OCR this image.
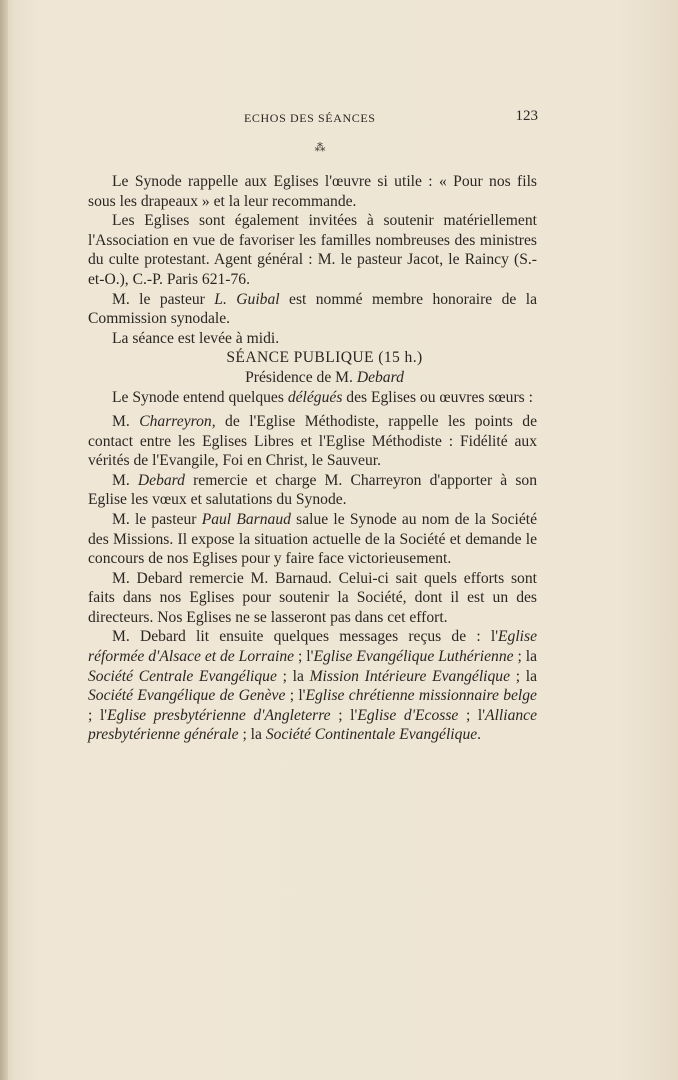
ECHOS DES SÉANCES	123
⁂

Le Synode rappelle aux Eglises l'œuvre si utile : « Pour nos fils sous les drapeaux » et la leur recommande.

Les Eglises sont également invitées à soutenir matériellement l'Association en vue de favoriser les familles nombreuses des ministres du culte protestant. Agent général : M. le pasteur Jacot, le Raincy (S.-et-O.), C.-P. Paris 621-76.

M. le pasteur L. Guibal est nommé membre honoraire de la Commission synodale.

La séance est levée à midi.

SÉANCE PUBLIQUE (15 h.)

Présidence de M. Debard

Le Synode entend quelques délégués des Eglises ou œuvres sœurs :

M. Charreyron, de l'Eglise Méthodiste, rappelle les points de contact entre les Eglises Libres et l'Eglise Méthodiste : Fidélité aux vérités de l'Evangile, Foi en Christ, le Sauveur.

M. Debard remercie et charge M. Charreyron d'apporter à son Eglise les vœux et salutations du Synode.

M. le pasteur Paul Barnaud salue le Synode au nom de la Société des Missions. Il expose la situation actuelle de la Société et demande le concours de nos Eglises pour y faire face victorieusement.

M. Debard remercie M. Barnaud. Celui-ci sait quels efforts sont faits dans nos Eglises pour soutenir la Société, dont il est un des directeurs. Nos Eglises ne se lasseront pas dans cet effort.

M. Debard lit ensuite quelques messages reçus de : l'Eglise réformée d'Alsace et de Lorraine ; l'Eglise Evangélique Luthérienne ; la Société Centrale Evangélique ; la Mission Intérieure Evangélique ; la Société Evangélique de Genève ; l'Eglise chrétienne missionnaire belge ; l'Eglise presbytérienne d'Angleterre ; l'Eglise d'Ecosse ; l'Alliance presbytérienne générale ; la Société Continentale Evangélique.
